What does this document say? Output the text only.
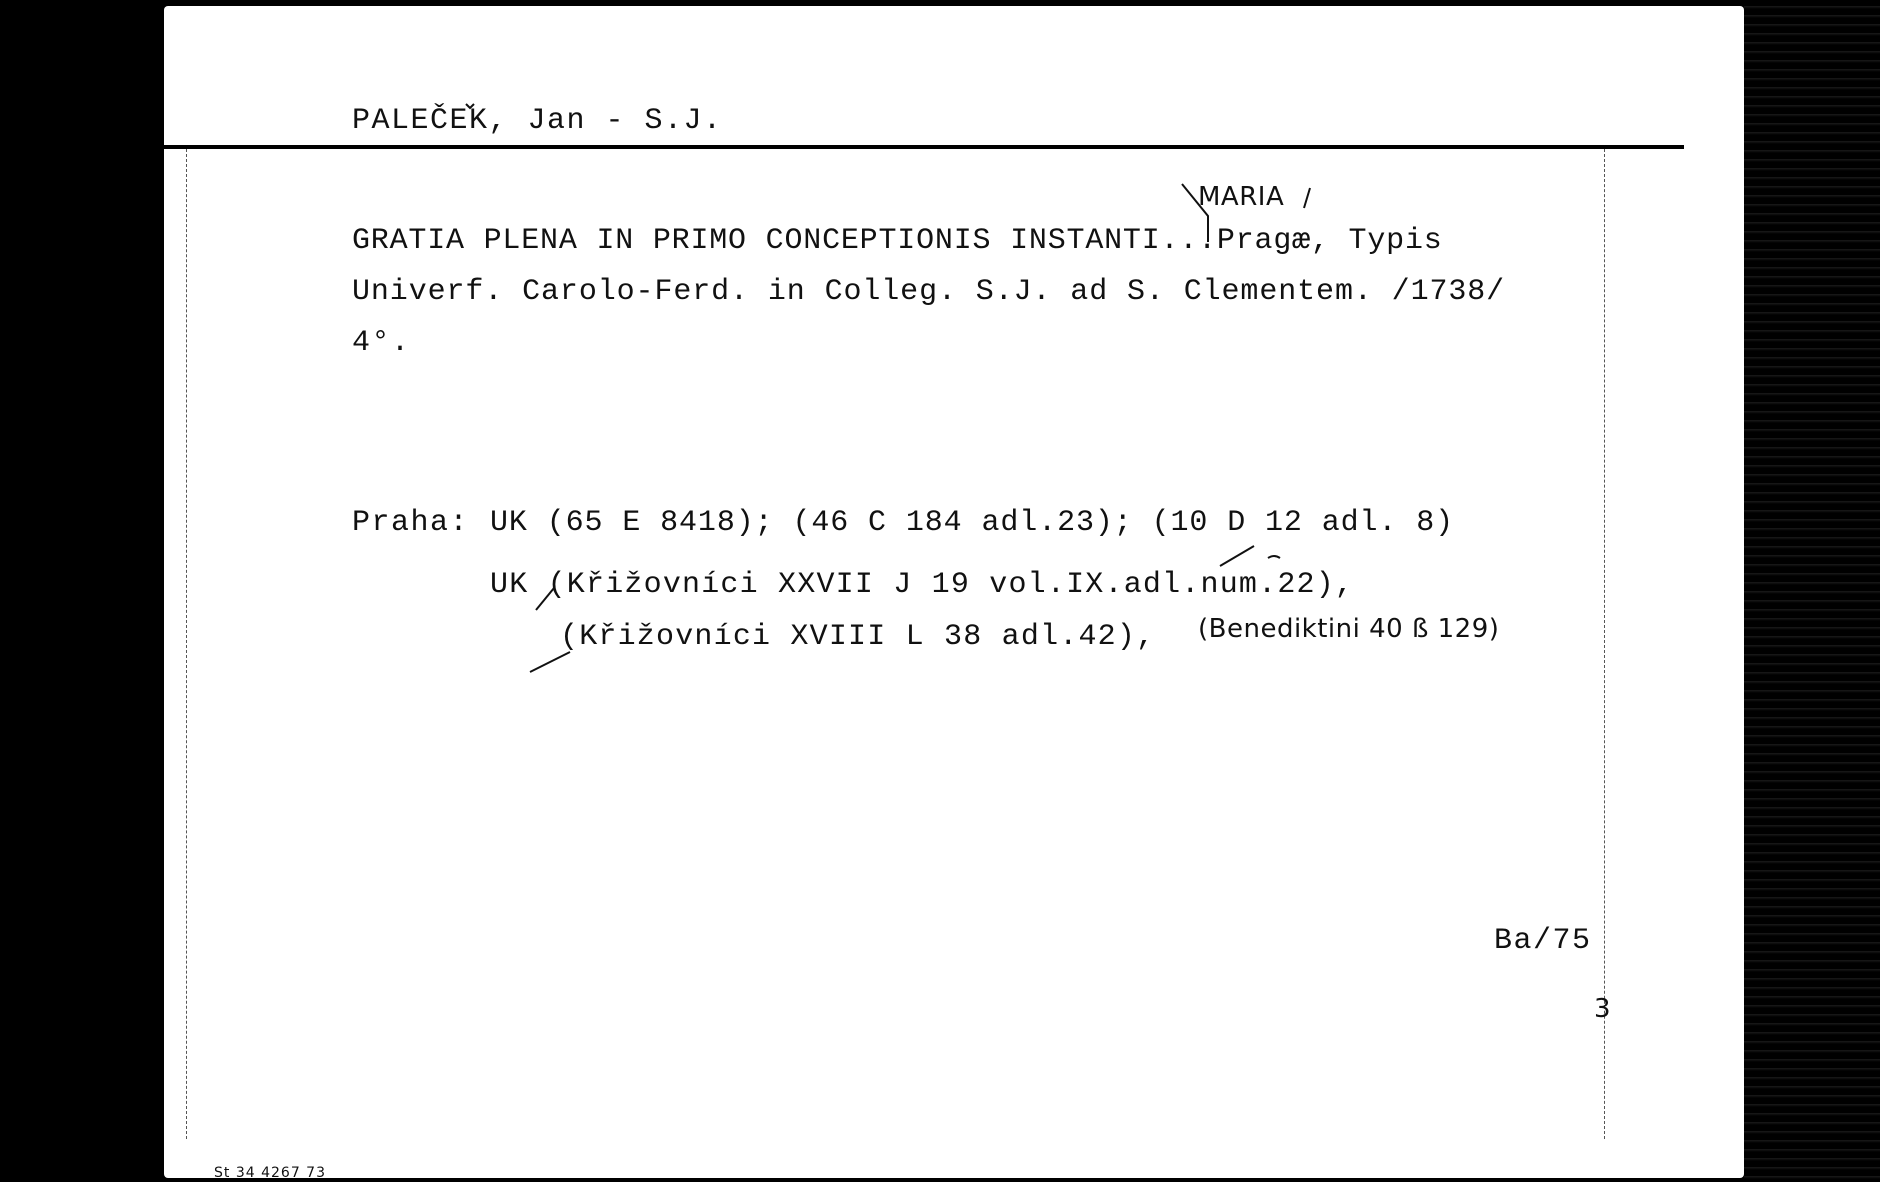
PALEČEK, Jan - S.J.
MARIA
GRATIA PLENA IN PRIMO CONCEPTIONIS INSTANTI...Pragæ, Typis
Univerf. Carolo-Ferd. in Colleg. S.J. ad S. Clementem. /1738/
4°.
Praha: UK (65 E 8418); (46 C 184 adl.23); (10 D 12 adl. 8)
UK (Křižovníci XXVII J 19 vol.IX.adl.num.22),
(Křižovníci XVIII L 38 adl.42), (Benediktini 40 ß 129)
Ba/75
3
St 34 4267 73
